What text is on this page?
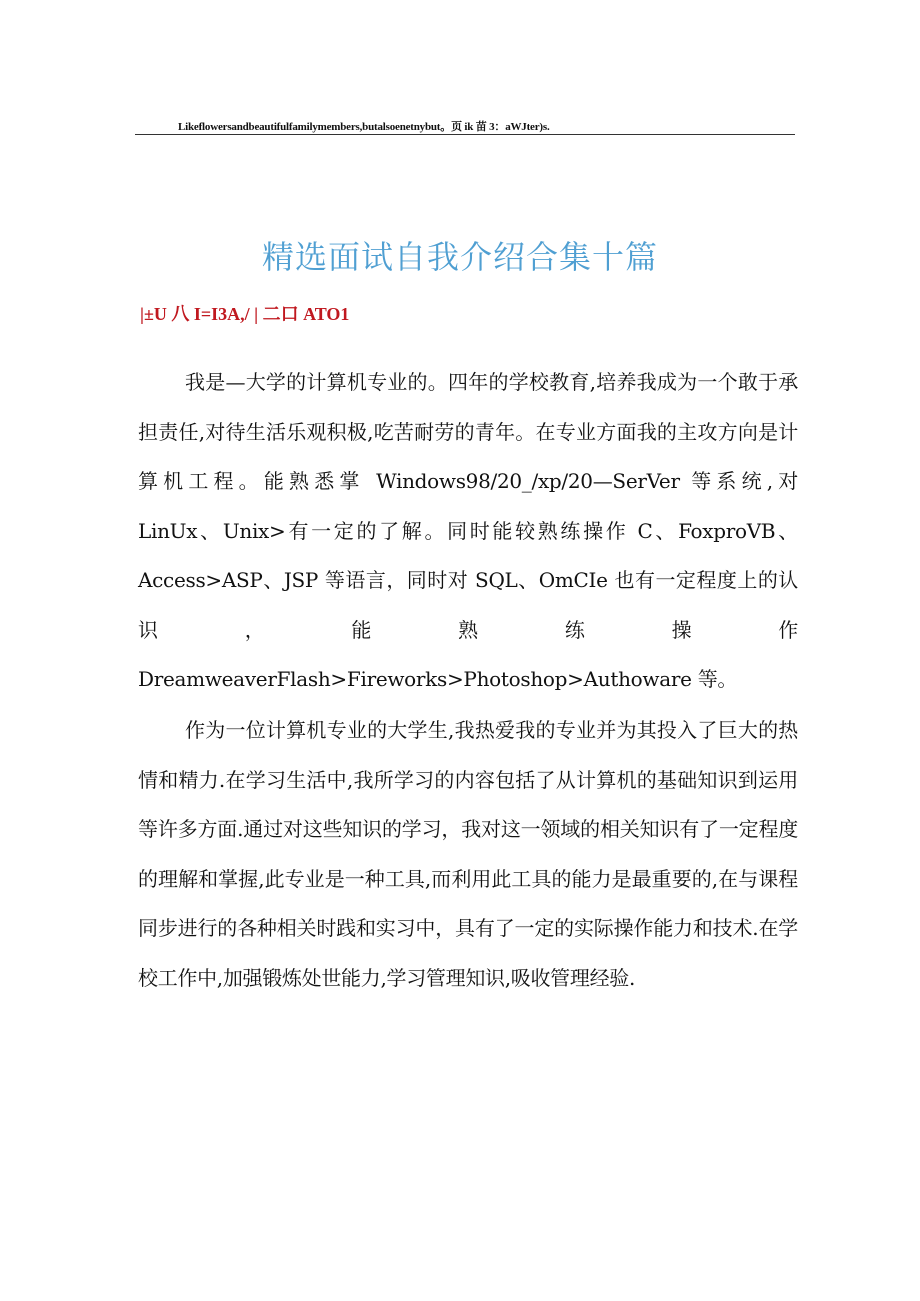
Likeflowersandbeautifulfamilymembers,butalsoenetnybut。页 ik 苗 3：aWJter)s.
精选面试自我介绍合集十篇
|±U 八 I=I3A,/ | 二口 ATO1

我是—大学的计算机专业的。四年的学校教育,培养我成为一个敢于承担责任,对待生活乐观积极,吃苦耐劳的青年。在专业方面我的主攻方向是计算机工程。能熟悉掌 Windows98/20_/xp/20—SerVer 等系统,对 LinUx、Unix>有一定的了解。同时能较熟练操作 C、FoxproVB、Access>ASP、JSP 等语言，同时对 SQL、OmCIe 也有一定程度上的认识，能熟练操作 DreamweaverFlash>Fireworks>Photoshop>Authoware 等。

作为一位计算机专业的大学生,我热爱我的专业并为其投入了巨大的热情和精力.在学习生活中,我所学习的内容包括了从计算机的基础知识到运用等许多方面.通过对这些知识的学习，我对这一领域的相关知识有了一定程度的理解和掌握,此专业是一种工具,而利用此工具的能力是最重要的,在与课程同步进行的各种相关时践和实习中，具有了一定的实际操作能力和技术.在学校工作中,加强锻炼处世能力,学习管理知识,吸收管理经验.
